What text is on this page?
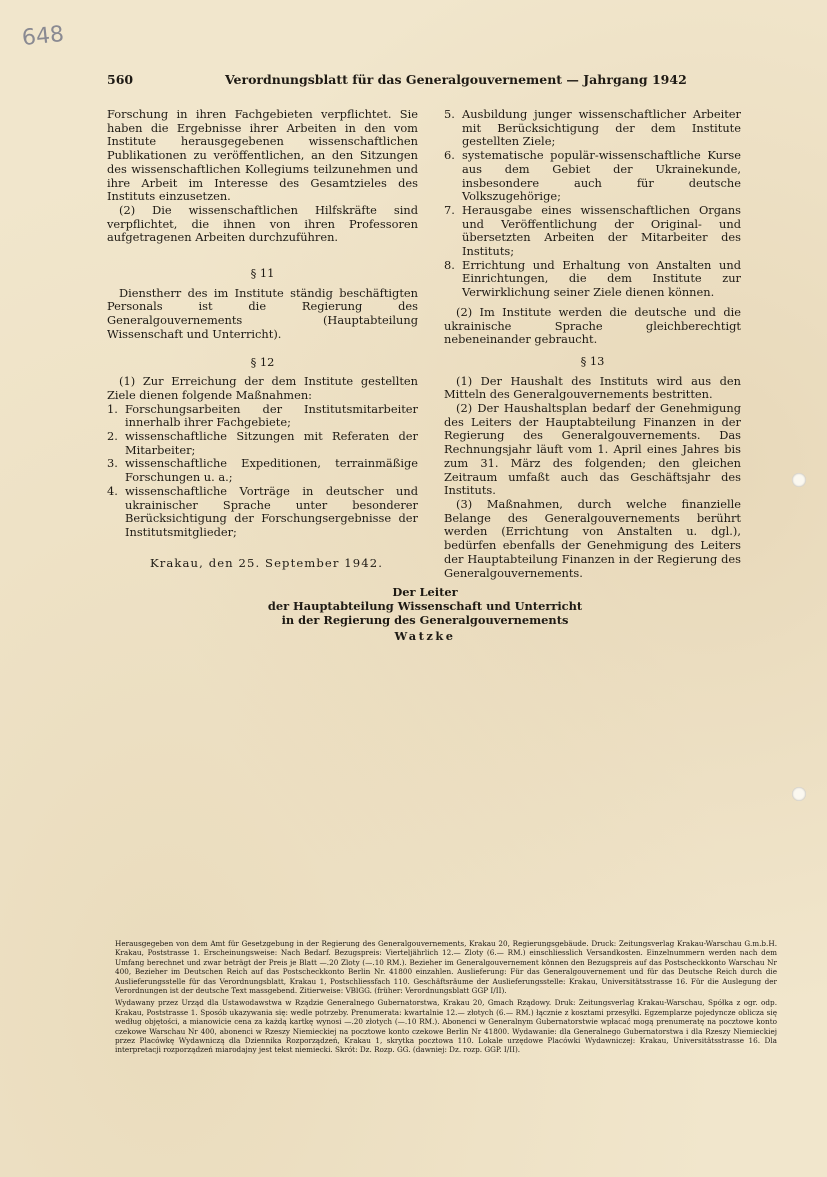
648
560	Verordnungsblatt für das Generalgouvernement — Jahrgang 1942

Forschung in ihren Fachgebieten verpflichtet. Sie haben die Ergebnisse ihrer Arbeiten in den vom Institute herausgegebenen wissenschaftlichen Publikationen zu veröffentlichen, an den Sitzungen des wissenschaftlichen Kollegiums teilzunehmen und ihre Arbeit im Interesse des Gesamtzieles des Instituts einzusetzen.

(2) Die wissenschaftlichen Hilfskräfte sind verpflichtet, die ihnen von ihren Professoren aufgetragenen Arbeiten durchzuführen.

§ 11

Dienstherr des im Institute ständig beschäftigten Personals ist die Regierung des Generalgouvernements (Hauptabteilung Wissenschaft und Unterricht).

§ 12

(1) Zur Erreichung der dem Institute gestellten Ziele dienen folgende Maßnahmen:

1. Forschungsarbeiten der Institutsmitarbeiter innerhalb ihrer Fachgebiete;
2. wissenschaftliche Sitzungen mit Referaten der Mitarbeiter;
3. wissenschaftliche Expeditionen, terrainmäßige Forschungen u. a.;
4. wissenschaftliche Vorträge in deutscher und ukrainischer Sprache unter besonderer Berücksichtigung der Forschungsergebnisse der Institutsmitglieder;
5. Ausbildung junger wissenschaftlicher Arbeiter mit Berücksichtigung der dem Institute gestellten Ziele;
6. systematische populär-wissenschaftliche Kurse aus dem Gebiet der Ukrainekunde, insbesondere auch für deutsche Volkszugehörige;
7. Herausgabe eines wissenschaftlichen Organs und Veröffentlichung der Original- und übersetzten Arbeiten der Mitarbeiter des Instituts;
8. Errichtung und Erhaltung von Anstalten und Einrichtungen, die dem Institute zur Verwirklichung seiner Ziele dienen können.

(2) Im Institute werden die deutsche und die ukrainische Sprache gleichberechtigt nebeneinander gebraucht.

§ 13

(1) Der Haushalt des Instituts wird aus den Mitteln des Generalgouvernements bestritten.

(2) Der Haushaltsplan bedarf der Genehmigung des Leiters der Hauptabteilung Finanzen in der Regierung des Generalgouvernements. Das Rechnungsjahr läuft vom 1. April eines Jahres bis zum 31. März des folgenden; den gleichen Zeitraum umfaßt auch das Geschäftsjahr des Instituts.

(3) Maßnahmen, durch welche finanzielle Belange des Generalgouvernements berührt werden (Errichtung von Anstalten u. dgl.), bedürfen ebenfalls der Genehmigung des Leiters der Hauptabteilung Finanzen in der Regierung des Generalgouvernements.

Krakau, den 25. September 1942.
Der Leiter
der Hauptabteilung Wissenschaft und Unterricht
in der Regierung des Generalgouvernements
Watzke

Herausgegeben von dem Amt für Gesetzgebung in der Regierung des Generalgouvernements, Krakau 20, Regierungsgebäude. Druck: Zeitungsverlag Krakau-Warschau G.m.b.H. Krakau, Poststrasse 1. Erscheinungsweise: Nach Bedarf. Bezugspreis: Vierteljährlich 12.— Zloty (6.— RM.) einschliesslich Versandkosten. Einzelnummern werden nach dem Umfang berechnet und zwar beträgt der Preis je Blatt —.20 Zloty (—.10 RM.). Bezieher im Generalgouvernement können den Bezugspreis auf das Postscheckkonto Warschau Nr 400, Bezieher im Deutschen Reich auf das Postscheckkonto Berlin Nr. 41800 einzahlen. Auslieferung: Für das Generalgouvernement und für das Deutsche Reich durch die Auslieferungsstelle für das Verordnungsblatt, Krakau 1, Postschliessfach 110. Geschäftsräume der Auslieferungsstelle: Krakau, Universitätsstrasse 16. Für die Auslegung der Verordnungen ist der deutsche Text massgebend. Zitierweise: VBlGG. (früher: Verordnungsblatt GGP I/II).

Wydawany przez Urząd dla Ustawodawstwa w Rządzie Generalnego Gubernatorstwa, Krakau 20, Gmach Rządowy. Druk: Zeitungsverlag Krakau-Warschau, Spółka z ogr. odp. Krakau, Poststrasse 1. Sposób ukazywania się: wedle potrzeby. Prenumerata: kwartalnie 12.— złotych (6.— RM.) łącznie z kosztami przesyłki. Egzemplarze pojedyncze oblicza się według objętości, a mianowicie cena za każdą kartkę wynosi —.20 złotych (—.10 RM.). Abonenci w Generalnym Gubernatorstwie wpłacać mogą prenumeratę na pocztowe konto czekowe Warschau Nr 400, abonenci w Rzeszy Niemieckiej na pocztowe konto czekowe Berlin Nr 41800. Wydawanie: dla Generalnego Gubernatorstwa i dla Rzeszy Niemieckiej przez Placówkę Wydawniczą dla Dziennika Rozporządzeń, Krakau 1, skrytka pocztowa 110. Lokale urzędowe Placówki Wydawniczej: Krakau, Universitätsstrasse 16. Dla interpretacji rozporządzeń miarodajny jest tekst niemiecki. Skrót: Dz. Rozp. GG. (dawniej: Dz. rozp. GGP. I/II).
